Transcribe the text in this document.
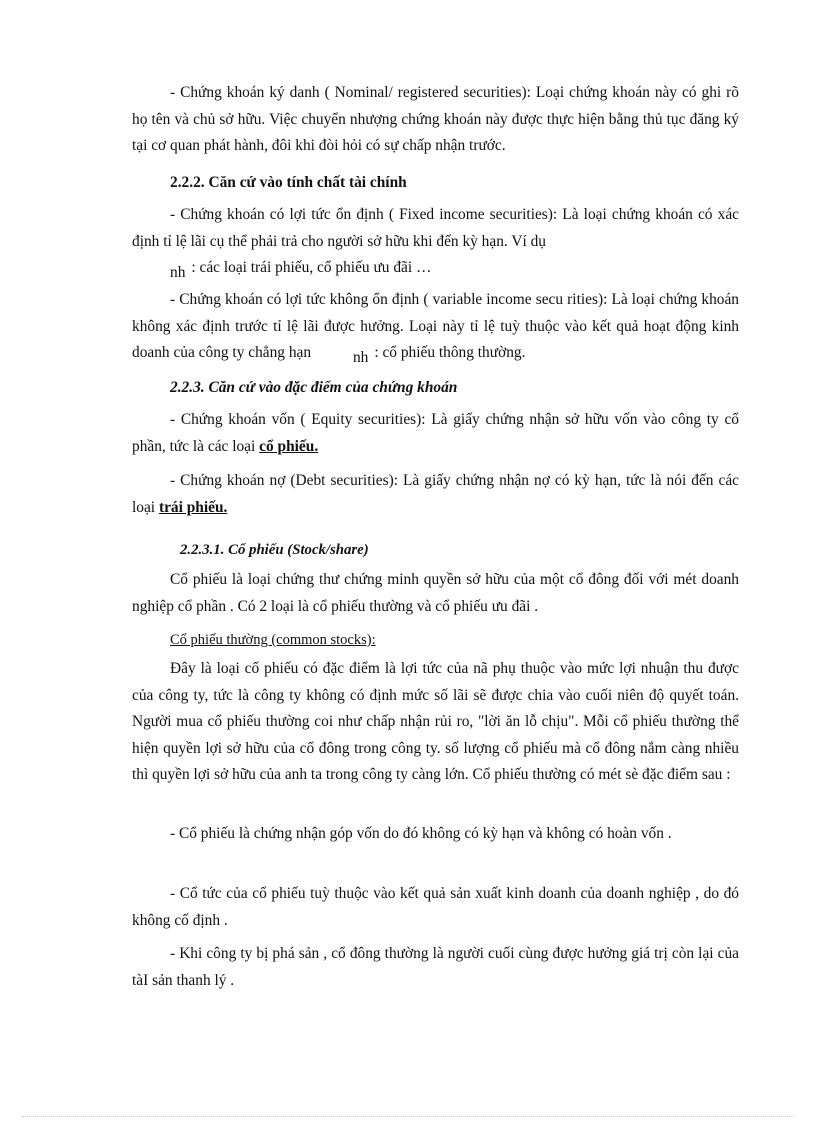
- Chứng khoán ký danh ( Nominal/ registered securities): Loại chứng khoán này có ghi rõ họ tên và chủ sở hữu. Việc chuyển nhượng chứng khoán này được thực hiện bằng thủ tục đăng ký tại cơ quan phát hành, đôi khi đòi hỏi có sự chấp nhận trước.

2.2.2. Căn cứ vào tính chất tài chính

- Chứng khoán có lợi tức ổn định ( Fixed income securities): Là loại chứng khoán có xác định tỉ lệ lãi cụ thể phải trả cho người sở hữu khi đến kỳ hạn. Ví dụ
nh : các loại trái phiếu, cổ phiếu ưu đãi …

- Chứng khoán có lợi tức không ổn định ( variable income secu rities): Là loại chứng khoán không xác định trước tỉ lệ lãi được hưởng. Loại này tỉ lệ tuỳ thuộc vào kết quả hoạt động kinh doanh của công ty chẳng hạn	nh : cổ phiếu thông thường.

2.2.3. Căn cứ vào đặc điểm của chứng khoán

- Chứng khoán vốn ( Equity securities): Là giấy chứng nhận sở hữu vốn vào công ty cổ phần, tức là các loại cổ phiếu.

- Chứng khoán nợ (Debt securities): Là giấy chứng nhận nợ có kỳ hạn, tức là nói đến các loại trái phiếu.

2.2.3.1. Cổ phiếu (Stock/share)

Cổ phiếu là loại chứng thư chứng minh quyền sở hữu của một cổ đông đối với mét doanh nghiệp cổ phần . Có 2 loại là cổ phiếu thường và cổ phiếu ưu đãi .

Cổ phiếu thường (common stocks):

Đây là loại cổ phiếu có đặc điểm là lợi tức của nã phụ thuộc vào mức lợi nhuận thu được của công ty, tức là công ty không có định mức số lãi sẽ được chia vào cuối niên độ quyết toán. Người mua cổ phiếu thường coi như chấp nhận rủi ro, "lời ăn lỗ chịu". Mỗi cổ phiếu thường thể hiện quyền lợi sở hữu của cổ đông trong công ty. số lượng cổ phiếu mà cổ đông nắm càng nhiều thì quyền lợi sở hữu của anh ta trong công ty càng lớn. Cổ phiếu thường có mét sè đặc điểm sau :

- Cổ phiếu là chứng nhận góp vốn do đó không có kỳ hạn và không có hoàn vốn .

- Cổ tức của cổ phiếu tuỳ thuộc vào kết quả sản xuất kinh doanh của doanh nghiệp , do đó không cố định .

- Khi công ty bị phá sản , cổ đông thường là người cuối cùng được hưởng giá trị còn lại của tàI sản thanh lý .
